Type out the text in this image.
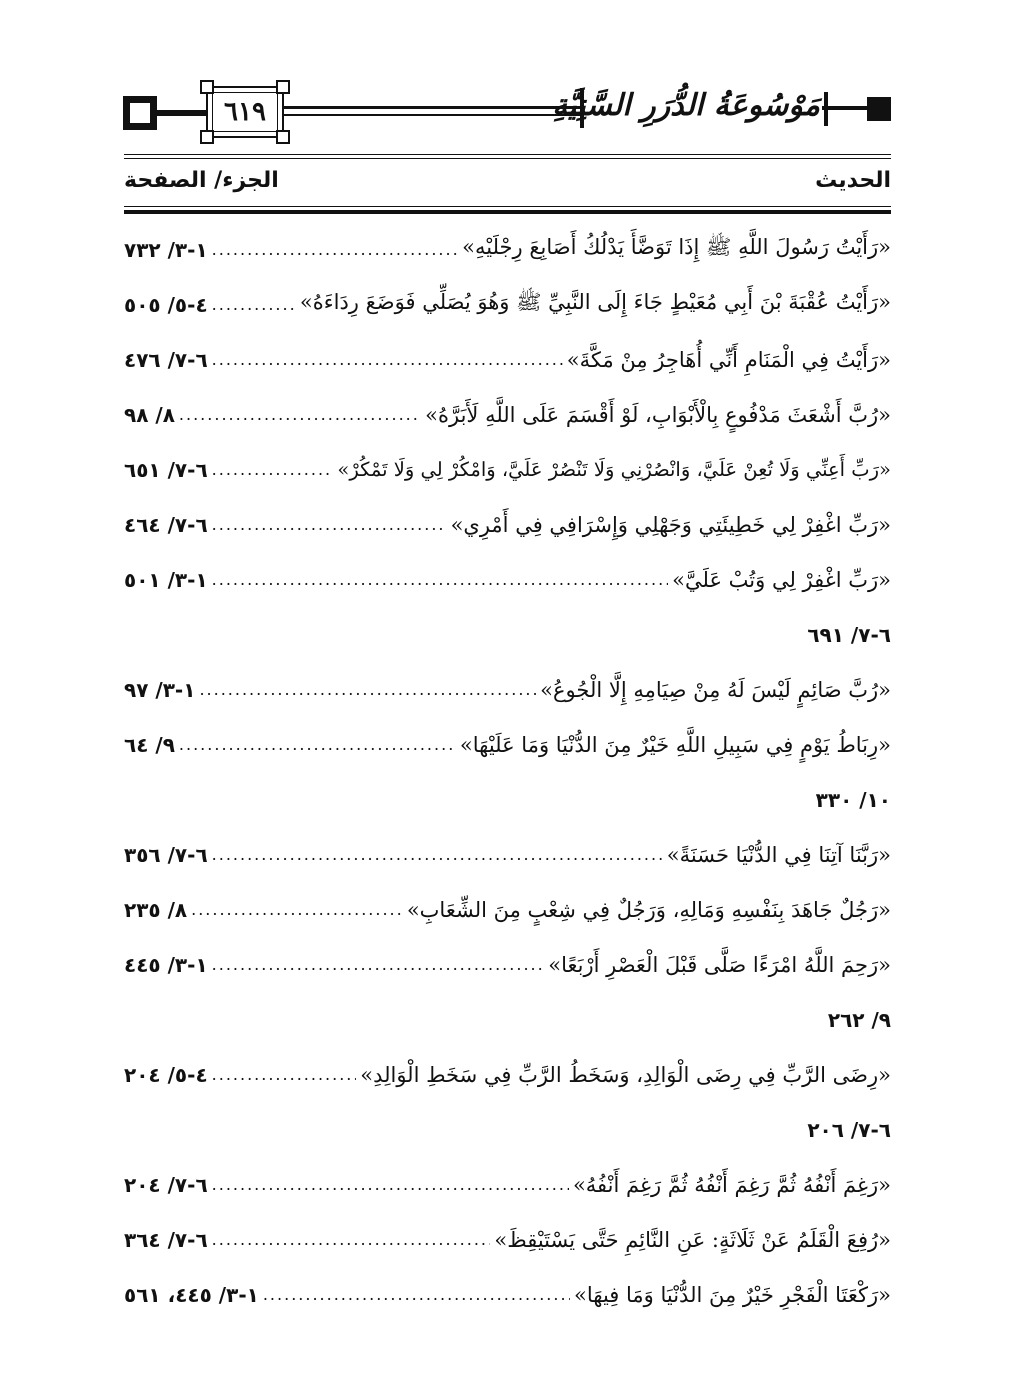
٦١٩	مَوْسُوعَةُ الدُّرَرِ السَّنِيَّةِ
الحديث
الجزء/ الصفحة
«رَأَيْتُ رَسُولَ اللَّهِ ﷺ إِذَا تَوَضَّأَ يَدْلُكُ أَصَابِعَ رِجْلَيْهِ»
.....
١-٣/ ٧٣٢
«رَأَيْتُ عُقْبَةَ بْنَ أَبِي مُعَيْطٍ جَاءَ إِلَى النَّبِيِّ ﷺ وَهُوَ يُصَلِّي فَوَضَعَ رِدَاءَهُ»
.....
٤-٥/ ٥٠٥
«رَأَيْتُ فِي الْمَنَامِ أَنِّي أُهَاجِرُ مِنْ مَكَّةَ»
.....
٦-٧/ ٤٧٦
«رُبَّ أَشْعَثَ مَدْفُوعٍ بِالْأَبْوَابِ، لَوْ أَقْسَمَ عَلَى اللَّهِ لَأَبَرَّهُ»
.....
٨/ ٩٨
«رَبِّ أَعِنِّي وَلَا تُعِنْ عَلَيَّ، وَانْصُرْنِي وَلَا تَنْصُرْ عَلَيَّ، وَامْكُرْ لِي وَلَا تَمْكُرْ»
.....
٦-٧/ ٦٥١
«رَبِّ اغْفِرْ لِي خَطِيئَتِي وَجَهْلِي وَإِسْرَافِي فِي أَمْرِي»
.....
٦-٧/ ٤٦٤
«رَبِّ اغْفِرْ لِي وَتُبْ عَلَيَّ»
.....
١-٣/ ٥٠١
٦-٧/ ٦٩١
«رُبَّ صَائِمٍ لَيْسَ لَهُ مِنْ صِيَامِهِ إِلَّا الْجُوعُ»
.....
١-٣/ ٩٧
«رِبَاطُ يَوْمٍ فِي سَبِيلِ اللَّهِ خَيْرٌ مِنَ الدُّنْيَا وَمَا عَلَيْهَا»
.....
٩/ ٦٤
١٠/ ٣٣٠
«رَبَّنَا آتِنَا فِي الدُّنْيَا حَسَنَةً»
.....
٦-٧/ ٣٥٦
«رَجُلٌ جَاهَدَ بِنَفْسِهِ وَمَالِهِ، وَرَجُلٌ فِي شِعْبٍ مِنَ الشِّعَابِ»
.....
٨/ ٢٣٥
«رَحِمَ اللَّهُ امْرَءًا صَلَّى قَبْلَ الْعَصْرِ أَرْبَعًا»
.....
١-٣/ ٤٤٥
٩/ ٢٦٢
«رِضَى الرَّبِّ فِي رِضَى الْوَالِدِ، وَسَخَطُ الرَّبِّ فِي سَخَطِ الْوَالِدِ»
.....
٤-٥/ ٢٠٤
٦-٧/ ٢٠٦
«رَغِمَ أَنْفُهُ ثُمَّ رَغِمَ أَنْفُهُ ثُمَّ رَغِمَ أَنْفُهُ»
.....
٦-٧/ ٢٠٤
«رُفِعَ الْقَلَمُ عَنْ ثَلَاثَةٍ: عَنِ النَّائِمِ حَتَّى يَسْتَيْقِظَ»
.....
٦-٧/ ٣٦٤
«رَكْعَتَا الْفَجْرِ خَيْرٌ مِنَ الدُّنْيَا وَمَا فِيهَا»
.....
١-٣/ ٤٤٥، ٥٦١
